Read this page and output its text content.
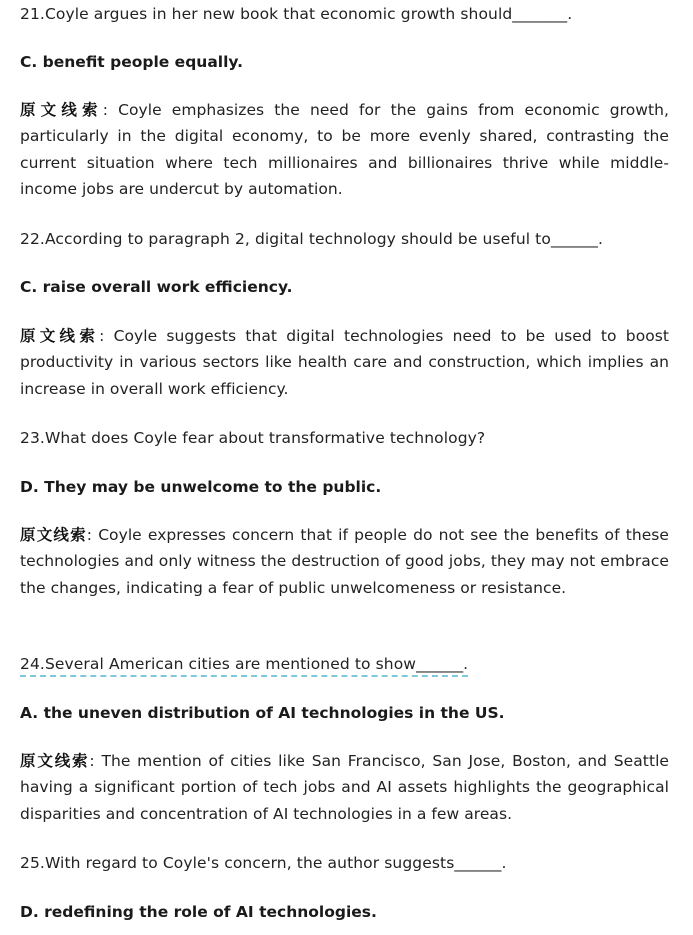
21.Coyle argues in her new book that economic growth should_______.
C. benefit people equally.
原文线索: Coyle emphasizes the need for the gains from economic growth, particularly in the digital economy, to be more evenly shared, contrasting the current situation where tech millionaires and billionaires thrive while middle-income jobs are undercut by automation.
22.According to paragraph 2, digital technology should be useful to______.
C. raise overall work efficiency.
原文线索: Coyle suggests that digital technologies need to be used to boost productivity in various sectors like health care and construction, which implies an increase in overall work efficiency.
23.What does Coyle fear about transformative technology?
D. They may be unwelcome to the public.
原文线索: Coyle expresses concern that if people do not see the benefits of these technologies and only witness the destruction of good jobs, they may not embrace the changes, indicating a fear of public unwelcomeness or resistance.
24.Several American cities are mentioned to show______.
A. the uneven distribution of AI technologies in the US.
原文线索: The mention of cities like San Francisco, San Jose, Boston, and Seattle having a significant portion of tech jobs and AI assets highlights the geographical disparities and concentration of AI technologies in a few areas.
25.With regard to Coyle's concern, the author suggests______.
D. redefining the role of AI technologies.
